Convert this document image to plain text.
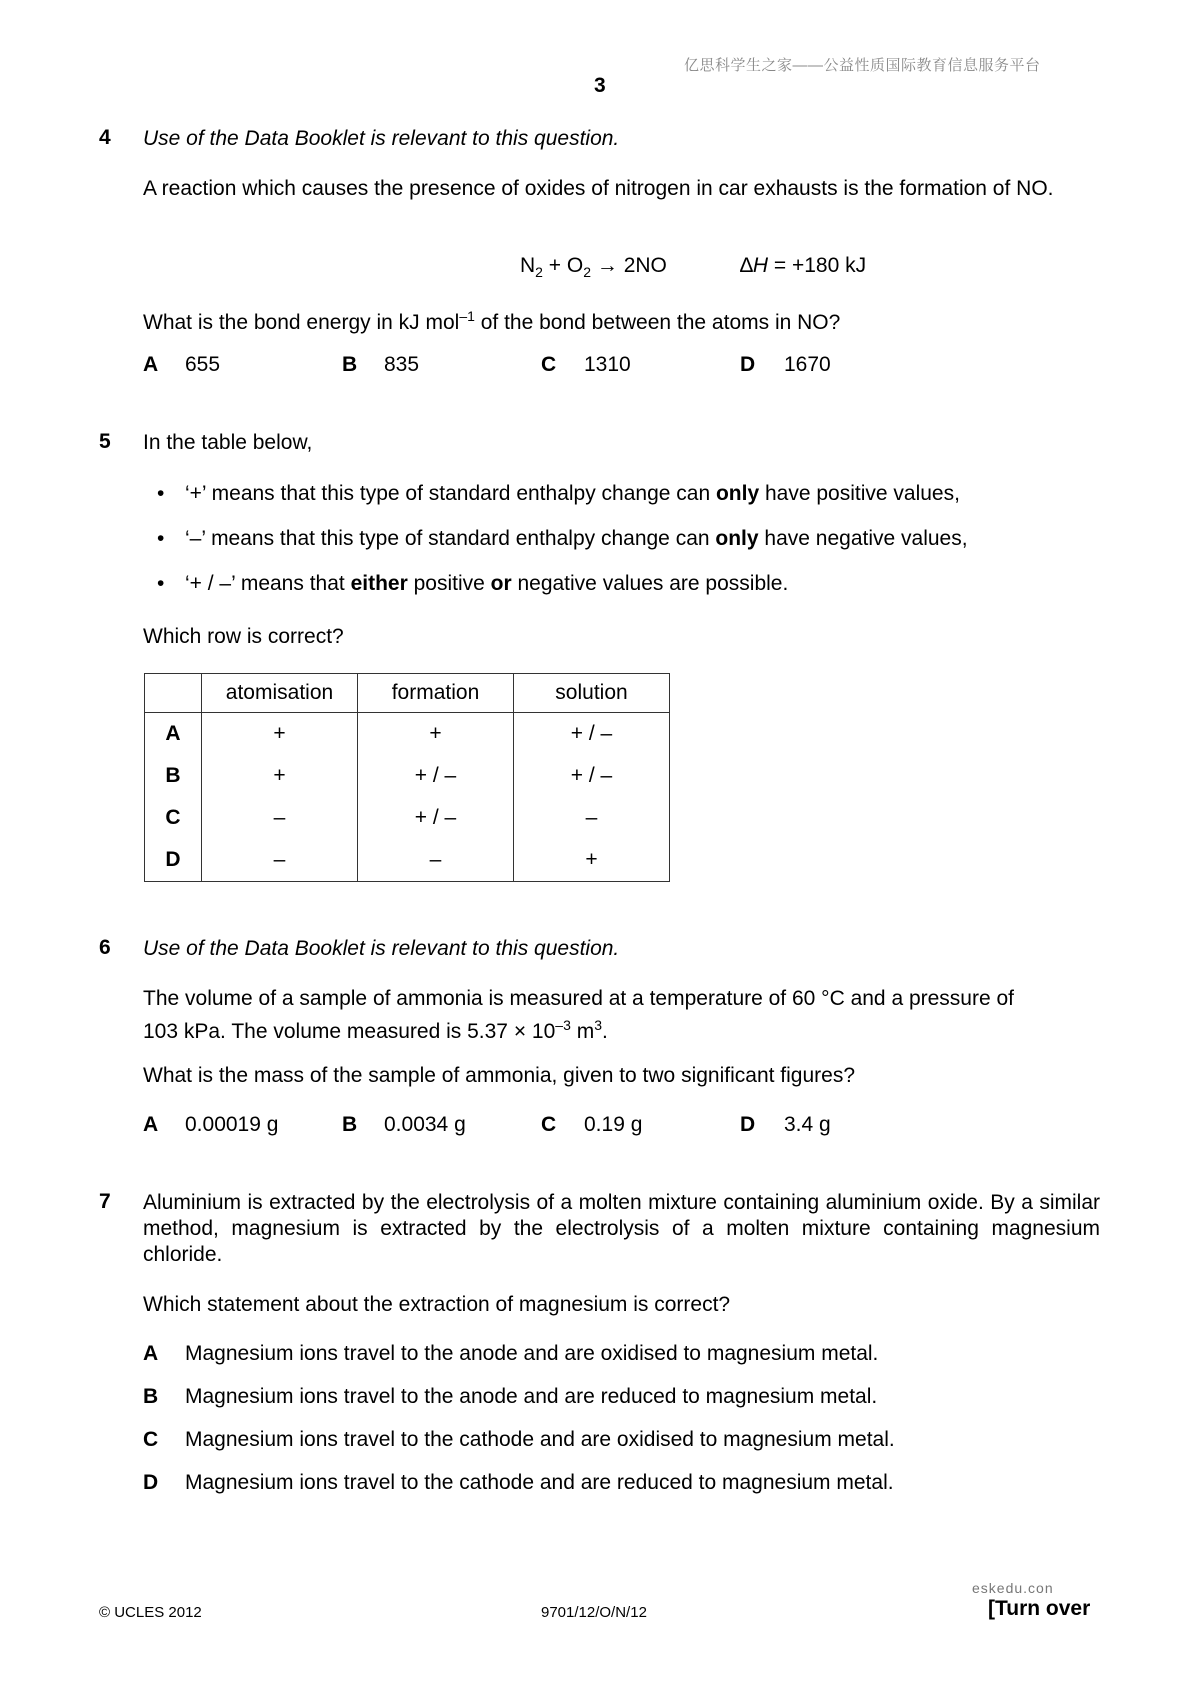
亿思科学生之家——公益性质国际教育信息服务平台
3
4 Use of the Data Booklet is relevant to this question.
A reaction which causes the presence of oxides of nitrogen in car exhausts is the formation of NO.
$N_2 + O_2 \to 2NO$	∆H = +180 kJ
What is the bond energy in kJ mol$^{-1}$ of the bond between the atoms in NO?
A 655	B 835	C 1310	D 1670
5 In the table below,
• ‘+’ means that this type of standard enthalpy change can only have positive values,
• ‘–’ means that this type of standard enthalpy change can only have negative values,
• ‘+ / –’ means that either positive or negative values are possible.
Which row is correct?
	atomisation	formation	solution
A	+	+	+ / –
B	+	+ / –	+ / –
C	–	+ / –	–
D	–	–	+
6 Use of the Data Booklet is relevant to this question.
The volume of a sample of ammonia is measured at a temperature of 60 °C and a pressure of
103 kPa. The volume measured is $5.37 \times 10^{-3}$ $m^3$.
What is the mass of the sample of ammonia, given to two significant figures?
A 0.00019 g	B 0.0034 g	C 0.19 g	D 3.4 g
7 Aluminium is extracted by the electrolysis of a molten mixture containing aluminium oxide. By a similar method, magnesium is extracted by the electrolysis of a molten mixture containing magnesium chloride.
Which statement about the extraction of magnesium is correct?
A Magnesium ions travel to the anode and are oxidised to magnesium metal.
B Magnesium ions travel to the anode and are reduced to magnesium metal.
C Magnesium ions travel to the cathode and are oxidised to magnesium metal.
D Magnesium ions travel to the cathode and are reduced to magnesium metal.
© UCLES 2012	9701/12/O/N/12
eskedu.con
[Turn over
